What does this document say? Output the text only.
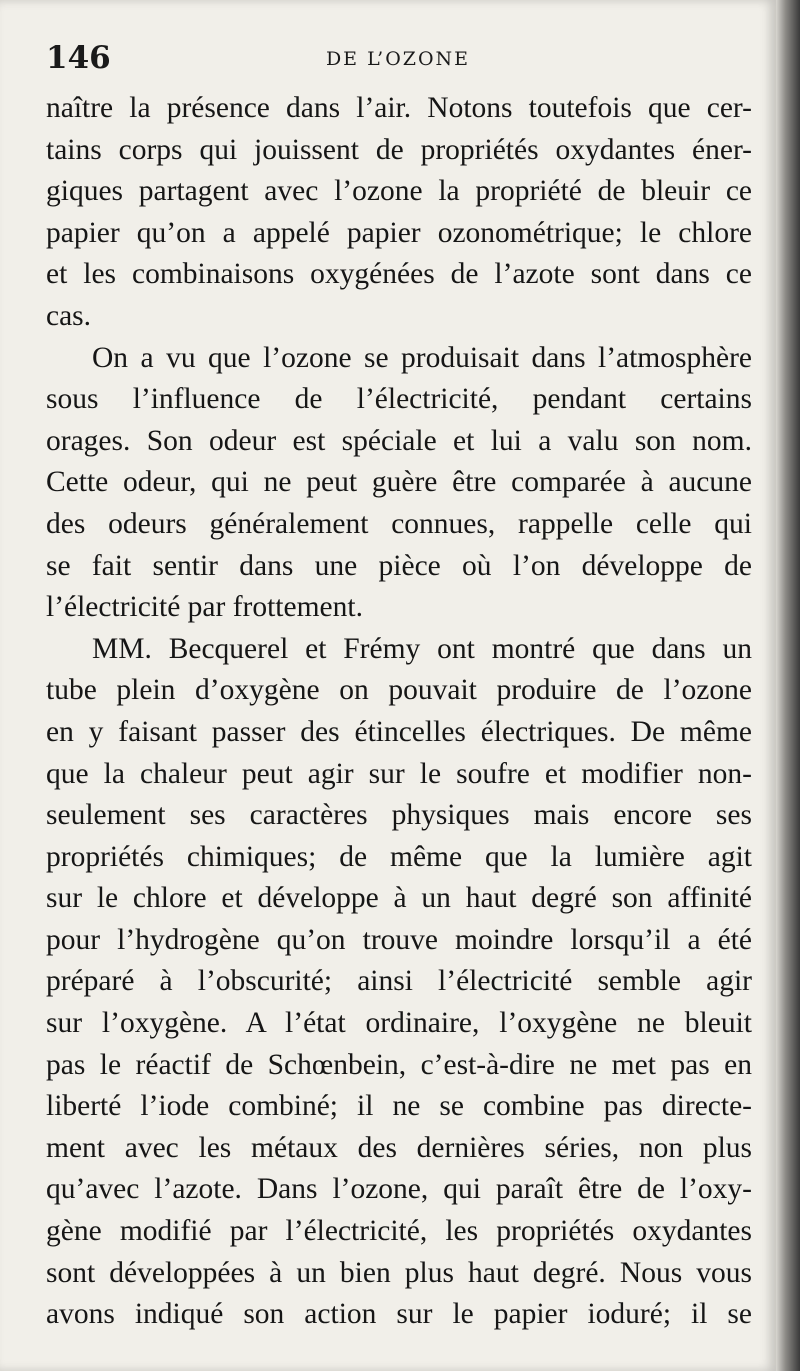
146	DE L’OZONE
naître la présence dans l’air. Notons toutefois que cer-
tains corps qui jouissent de propriétés oxydantes éner-
giques partagent avec l’ozone la propriété de bleuir ce
papier qu’on a appelé papier ozonométrique; le chlore
et les combinaisons oxygénées de l’azote sont dans ce
cas.
On a vu que l’ozone se produisait dans l’atmosphère
sous l’influence de l’électricité, pendant certains
orages. Son odeur est spéciale et lui a valu son nom.
Cette odeur, qui ne peut guère être comparée à aucune
des odeurs généralement connues, rappelle celle qui
se fait sentir dans une pièce où l’on développe de
l’électricité par frottement.
MM. Becquerel et Frémy ont montré que dans un
tube plein d’oxygène on pouvait produire de l’ozone
en y faisant passer des étincelles électriques. De même
que la chaleur peut agir sur le soufre et modifier non-
seulement ses caractères physiques mais encore ses
propriétés chimiques; de même que la lumière agit
sur le chlore et développe à un haut degré son affinité
pour l’hydrogène qu’on trouve moindre lorsqu’il a été
préparé à l’obscurité; ainsi l’électricité semble agir
sur l’oxygène. A l’état ordinaire, l’oxygène ne bleuit
pas le réactif de Schœnbein, c’est-à-dire ne met pas en
liberté l’iode combiné; il ne se combine pas directe-
ment avec les métaux des dernières séries, non plus
qu’avec l’azote. Dans l’ozone, qui paraît être de l’oxy-
gène modifié par l’électricité, les propriétés oxydantes
sont développées à un bien plus haut degré. Nous vous
avons indiqué son action sur le papier ioduré; il se
